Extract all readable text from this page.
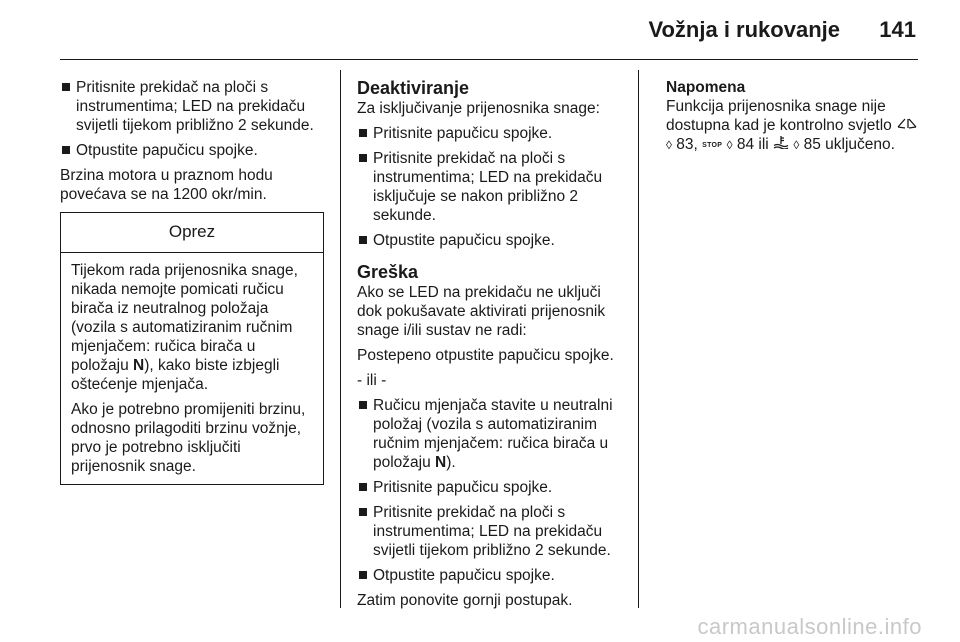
Vožnja i rukovanje 141
Pritisnite prekidač na ploči s instrumentima; LED na prekidaču svijetli tijekom približno 2 sekunde.
Otpustite papučicu spojke.

Brzina motora u praznom hodu povećava se na 1200 okr/min.

Oprez

Tijekom rada prijenosnika snage, nikada nemojte pomicati ručicu birača iz neutralnog položaja (vozila s automatiziranim ručnim mjenjačem: ručica birača u položaju N), kako biste izbjegli oštećenje mjenjača.

Ako je potrebno promijeniti brzinu, odnosno prilagoditi brzinu vožnje, prvo je potrebno isključiti prijenosnik snage.

Deaktiviranje

Za isključivanje prijenosnika snage:

Pritisnite papučicu spojke.
Pritisnite prekidač na ploči s instrumentima; LED na prekidaču isključuje se nakon približno 2 sekunde.
Otpustite papučicu spojke.
Greška

Ako se LED na prekidaču ne uključi dok pokušavate aktivirati prijenosnik snage i/ili sustav ne radi:

Postepeno otpustite papučicu spojke.

- ili -

Ručicu mjenjača stavite u neutralni položaj (vozila s automatiziranim ručnim mjenjačem: ručica birača u položaju N).
Pritisnite papučicu spojke.
Pritisnite prekidač na ploči s instrumentima; LED na prekidaču svijetli tijekom približno 2 sekunde.
Otpustite papučicu spojke.

Zatim ponovite gornji postupak.

Napomena
Funkcija prijenosnika snage nije dostupna kad je kontrolno svjetlo
◊ 83, STOP ◊ 84 ili ◊ 85 uključeno.
carmanualsonline.info
